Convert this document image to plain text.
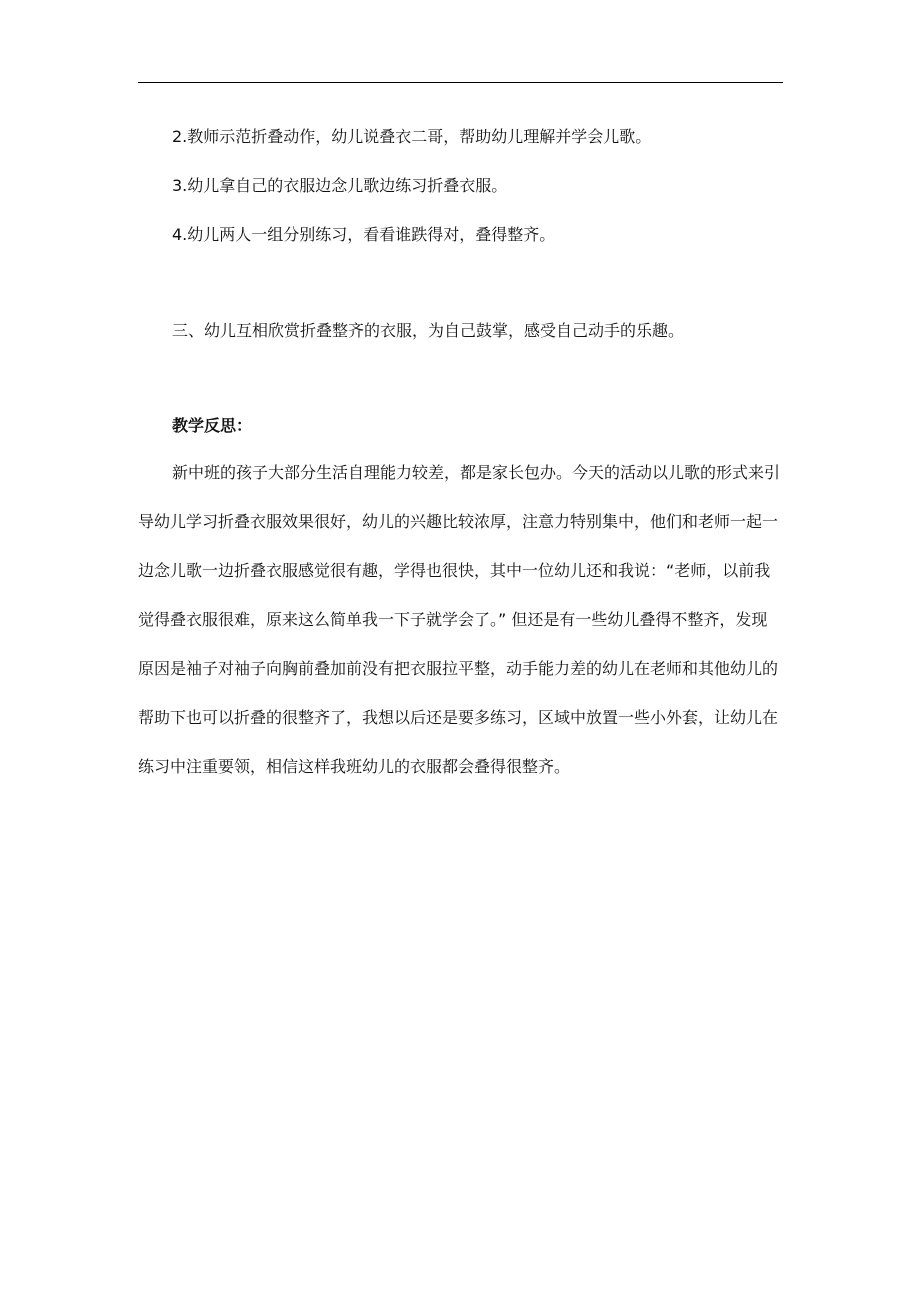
2.教师示范折叠动作，幼儿说叠衣二哥，帮助幼儿理解并学会儿歌。
3.幼儿拿自己的衣服边念儿歌边练习折叠衣服。
4.幼儿两人一组分别练习，看看谁跌得对，叠得整齐。
三、幼儿互相欣赏折叠整齐的衣服，为自己鼓掌，感受自己动手的乐趣。
教学反思：
新中班的孩子大部分生活自理能力较差，都是家长包办。今天的活动以儿歌的形式来引
导幼儿学习折叠衣服效果很好，幼儿的兴趣比较浓厚，注意力特别集中，他们和老师一起一
边念儿歌一边折叠衣服感觉很有趣，学得也很快，其中一位幼儿还和我说：“老师，以前我
觉得叠衣服很难，原来这么简单我一下子就学会了。” 但还是有一些幼儿叠得不整齐，发现
原因是袖子对袖子向胸前叠加前没有把衣服拉平整，动手能力差的幼儿在老师和其他幼儿的
帮助下也可以折叠的很整齐了，我想以后还是要多练习，区域中放置一些小外套，让幼儿在
练习中注重要领，相信这样我班幼儿的衣服都会叠得很整齐。
